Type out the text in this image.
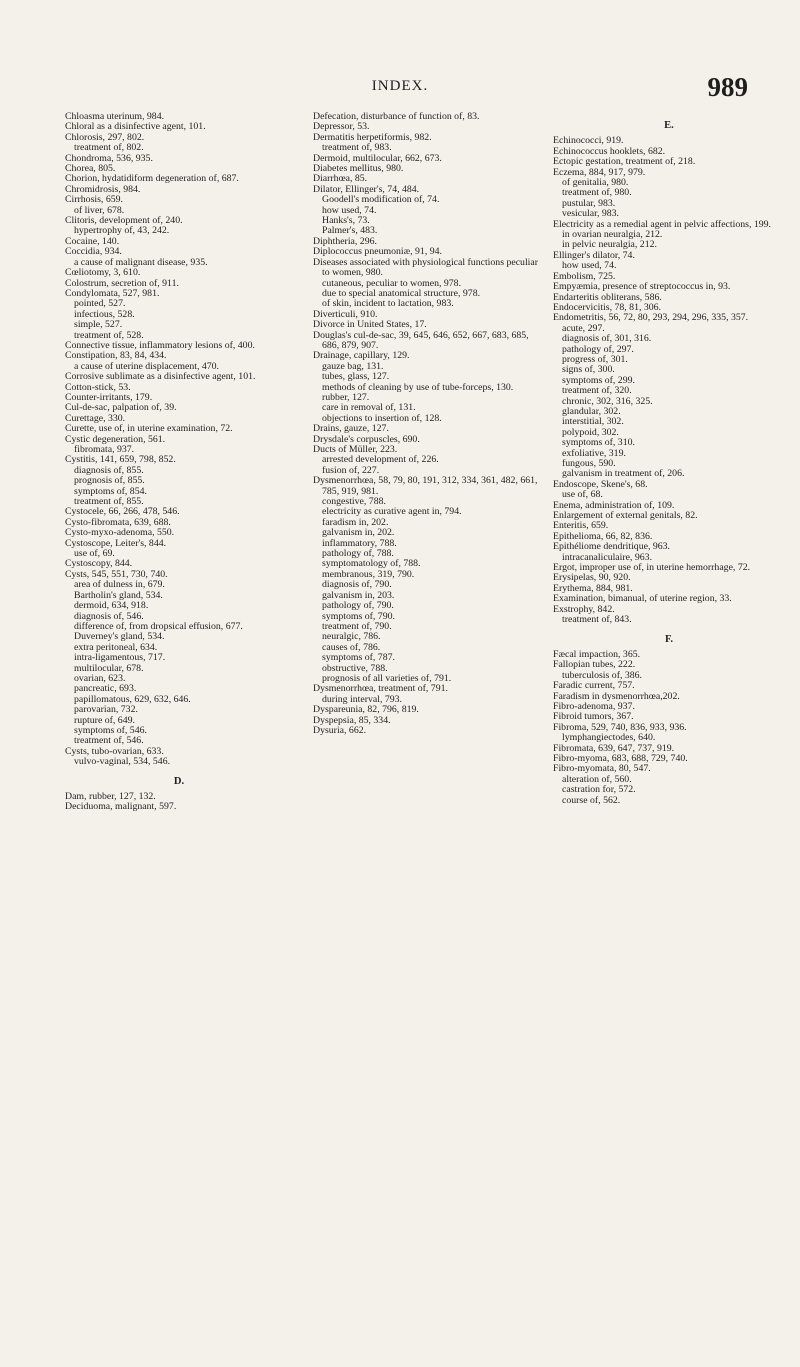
INDEX.	989

Chloasma uterinum, 984.

Chloral as a disinfective agent, 101.

Chlorosis, 297, 802.

treatment of, 802.

Chondroma, 536, 935.

Chorea, 805.

Chorion, hydatidiform degeneration of, 687.

Chromidrosis, 984.

Cirrhosis, 659.

of liver, 678.

Clitoris, development of, 240.

hypertrophy of, 43, 242.

Cocaine, 140.

Coccidia, 934.

a cause of malignant disease, 935.

Cœliotomy, 3, 610.

Colostrum, secretion of, 911.

Condylomata, 527, 981.

pointed, 527.

infectious, 528.

simple, 527.

treatment of, 528.

Connective tissue, inflammatory lesions of, 400.

Constipation, 83, 84, 434.

a cause of uterine displacement, 470.

Corrosive sublimate as a disinfective agent, 101.

Cotton-stick, 53.

Counter-irritants, 179.

Cul-de-sac, palpation of, 39.

Curettage, 330.

Curette, use of, in uterine examination, 72.

Cystic degeneration, 561.

fibromata, 937.

Cystitis, 141, 659, 798, 852.

diagnosis of, 855.

prognosis of, 855.

symptoms of, 854.

treatment of, 855.

Cystocele, 66, 266, 478, 546.

Cysto-fibromata, 639, 688.

Cysto-myxo-adenoma, 550.

Cystoscope, Leiter's, 844.

use of, 69.

Cystoscopy, 844.

Cysts, 545, 551, 730, 740.

area of dulness in, 679.

Bartholin's gland, 534.

dermoid, 634, 918.

diagnosis of, 546.

difference of, from dropsical effusion, 677.

Duverney's gland, 534.

extra peritoneal, 634.

intra-ligamentous, 717.

multilocular, 678.

ovarian, 623.

pancreatic, 693.

papillomatous, 629, 632, 646.

parovarian, 732.

rupture of, 649.

symptoms of, 546.

treatment of, 546.

Cysts, tubo-ovarian, 633.

vulvo-vaginal, 534, 546.

D.

Dam, rubber, 127, 132.

Deciduoma, malignant, 597.

Defecation, disturbance of function of, 83.

Depressor, 53.

Dermatitis herpetiformis, 982.

treatment of, 983.

Dermoid, multilocular, 662, 673.

Diabetes mellitus, 980.

Diarrhœa, 85.

Dilator, Ellinger's, 74, 484.

Goodell's modification of, 74.

how used, 74.

Hanks's, 73.

Palmer's, 483.

Diphtheria, 296.

Diplococcus pneumoniæ, 91, 94.

Diseases associated with physiological functions peculiar to women, 980.

cutaneous, peculiar to women, 978.

due to special anatomical structure, 978.

of skin, incident to lactation, 983.

Diverticuli, 910.

Divorce in United States, 17.

Douglas's cul-de-sac, 39, 645, 646, 652, 667, 683, 685, 686, 879, 907.

Drainage, capillary, 129.

gauze bag, 131.

tubes, glass, 127.

methods of cleaning by use of tube-forceps, 130.

rubber, 127.

care in removal of, 131.

objections to insertion of, 128.

Drains, gauze, 127.

Drysdale's corpuscles, 690.

Ducts of Müller, 223.

arrested development of, 226.

fusion of, 227.

Dysmenorrhœa, 58, 79, 80, 191, 312, 334, 361, 482, 661, 785, 919, 981.

congestive, 788.

electricity as curative agent in, 794.

faradism in, 202.

galvanism in, 202.

inflammatory, 788.

pathology of, 788.

symptomatology of, 788.

membranous, 319, 790.

diagnosis of, 790.

galvanism in, 203.

pathology of, 790.

symptoms of, 790.

treatment of, 790.

neuralgic, 786.

causes of, 786.

symptoms of, 787.

obstructive, 788.

prognosis of all varieties of, 791.

Dysmenorrhœa, treatment of, 791.

during interval, 793.

Dyspareunia, 82, 796, 819.

Dyspepsia, 85, 334.

Dysuria, 662.

E.

Echinococci, 919.

Echinococcus hooklets, 682.

Ectopic gestation, treatment of, 218.

Eczema, 884, 917, 979.

of genitalia, 980.

treatment of, 980.

pustular, 983.

vesicular, 983.

Electricity as a remedial agent in pelvic affections, 199.

in ovarian neuralgia, 212.

in pelvic neuralgia, 212.

Ellinger's dilator, 74.

how used, 74.

Embolism, 725.

Empyæmia, presence of streptococcus in, 93.

Endarteritis obliterans, 586.

Endocervicitis, 78, 81, 306.

Endometritis, 56, 72, 80, 293, 294, 296, 335, 357.

acute, 297.

diagnosis of, 301, 316.

pathology of, 297.

progress of, 301.

signs of, 300.

symptoms of, 299.

treatment of, 320.

chronic, 302, 316, 325.

glandular, 302.

interstitial, 302.

polypoid, 302.

symptoms of, 310.

exfoliative, 319.

fungous, 590.

galvanism in treatment of, 206.

Endoscope, Skene's, 68.

use of, 68.

Enema, administration of, 109.

Enlargement of external genitals, 82.

Enteritis, 659.

Epithelioma, 66, 82, 836.

Epithéliome dendritique, 963.

intracanaliculaire, 963.

Ergot, improper use of, in uterine hemorrhage, 72.

Erysipelas, 90, 920.

Erythema, 884, 981.

Examination, bimanual, of uterine region, 33.

Exstrophy, 842.

treatment of, 843.

F.

Fæcal impaction, 365.

Fallopian tubes, 222.

tuberculosis of, 386.

Faradic current, 757.

Faradism in dysmenorrhœa,202.

Fibro-adenoma, 937.

Fibroid tumors, 367.

Fibroma, 529, 740, 836, 933, 936.

lymphangiectodes, 640.

Fibromata, 639, 647, 737, 919.

Fibro-myoma, 683, 688, 729, 740.

Fibro-myomata, 80, 547.

alteration of, 560.

castration for, 572.

course of, 562.
